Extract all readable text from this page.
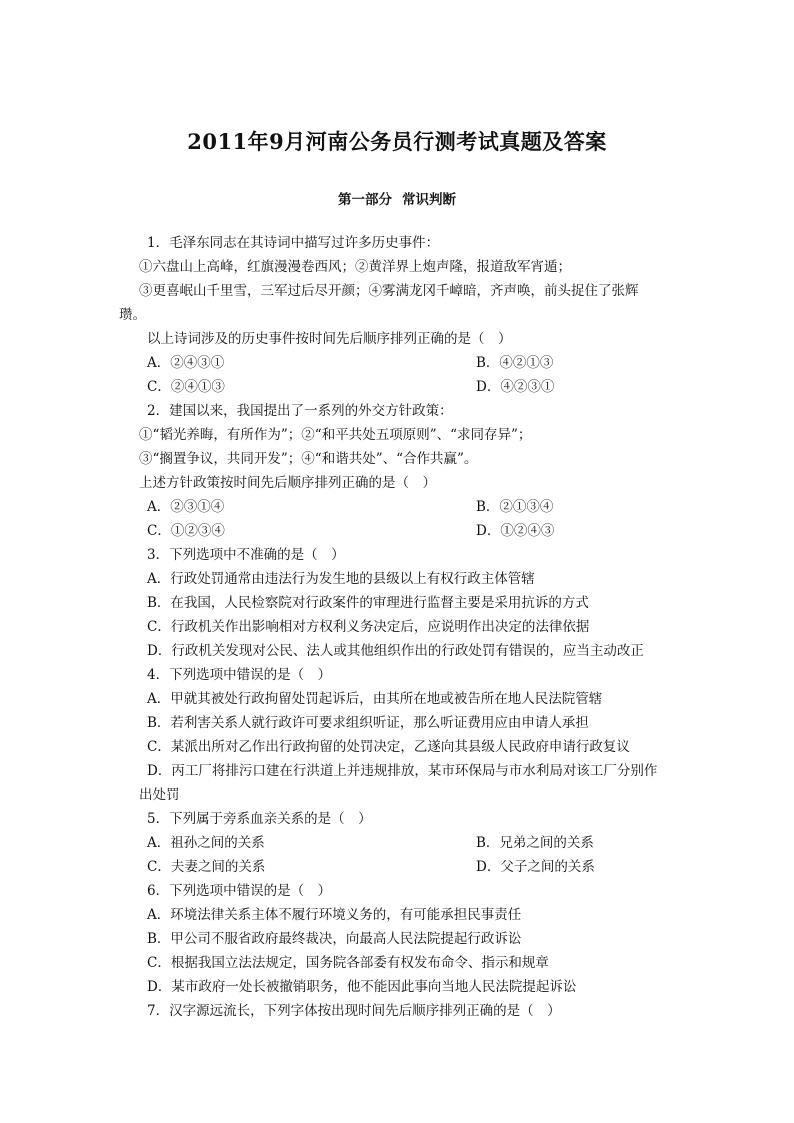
2011年9月河南公务员行测考试真题及答案
第一部分 常识判断
1．毛泽东同志在其诗词中描写过许多历史事件：
①六盘山上高峰，红旗漫漫卷西风；②黄洋界上炮声隆，报道敌军宵遁；
③更喜岷山千里雪，三军过后尽开颜；④雾满龙冈千嶂暗，齐声唤，前头捉住了张辉
瓒。
以上诗词涉及的历史事件按时间先后顺序排列正确的是（　）
A．②④③①	B．④②①③
C．②④①③	D．④②③①
2．建国以来，我国提出了一系列的外交方针政策：
①“韬光养晦，有所作为”；②“和平共处五项原则”、“求同存异”；
③“搁置争议，共同开发”；④“和谐共处”、“合作共赢”。
上述方针政策按时间先后顺序排列正确的是（　）
A．②③①④	B．②①③④
C．①②③④	D．①②④③
3．下列选项中不准确的是（　）
A．行政处罚通常由违法行为发生地的县级以上有权行政主体管辖
B．在我国，人民检察院对行政案件的审理进行监督主要是采用抗诉的方式
C．行政机关作出影响相对方权利义务决定后，应说明作出决定的法律依据
D．行政机关发现对公民、法人或其他组织作出的行政处罚有错误的，应当主动改正
4．下列选项中错误的是（　）
A．甲就其被处行政拘留处罚起诉后，由其所在地或被告所在地人民法院管辖
B．若利害关系人就行政许可要求组织听证，那么听证费用应由申请人承担
C．某派出所对乙作出行政拘留的处罚决定，乙遂向其县级人民政府申请行政复议
D．丙工厂将排污口建在行洪道上并违规排放，某市环保局与市水利局对该工厂分别作
出处罚
5．下列属于旁系血亲关系的是（　）
A．祖孙之间的关系	B．兄弟之间的关系
C．夫妻之间的关系	D．父子之间的关系
6．下列选项中错误的是（　）
A．环境法律关系主体不履行环境义务的，有可能承担民事责任
B．甲公司不服省政府最终裁决，向最高人民法院提起行政诉讼
C．根据我国立法法规定，国务院各部委有权发布命令、指示和规章
D．某市政府一处长被撤销职务，他不能因此事向当地人民法院提起诉讼
7．汉字源远流长，下列字体按出现时间先后顺序排列正确的是（　）
